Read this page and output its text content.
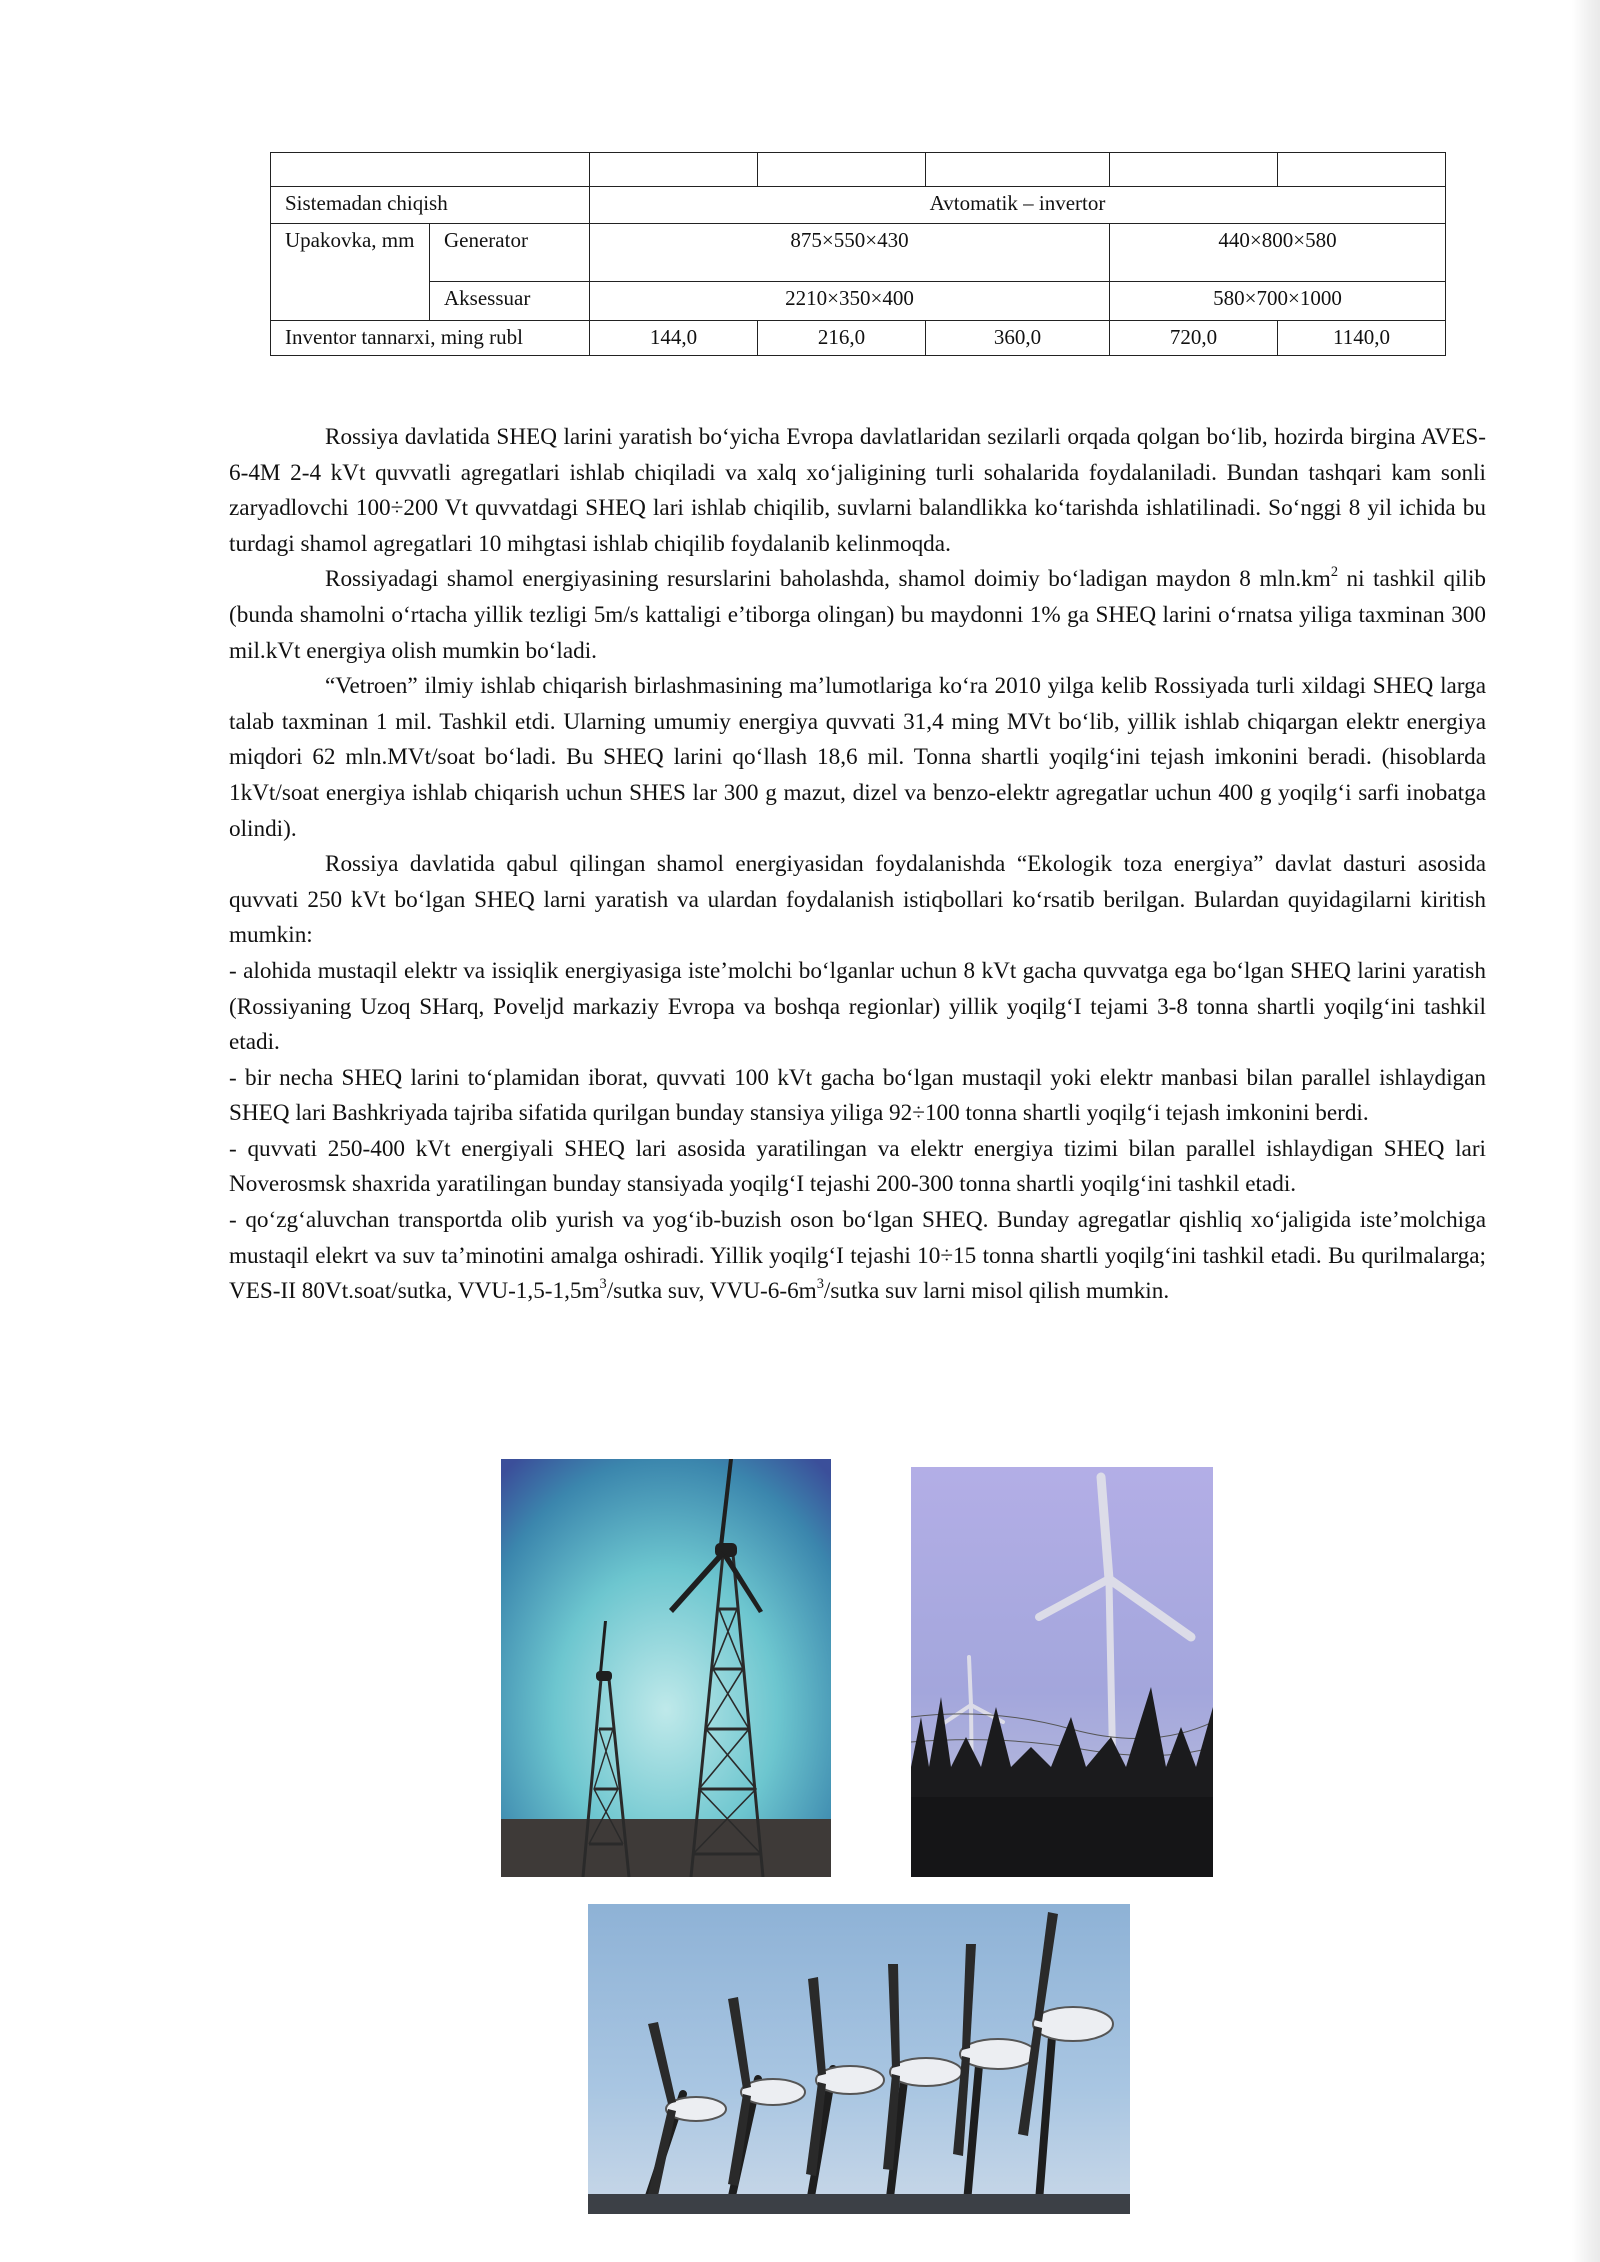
Sistemadan chiqish		Avtomatik – invertor				
Upakovka, mm	Generator	875×550×430			440×800×580	
	Aksessuar	2210×350×400			580×700×1000	
Inventor tannarxi, ming rubl		144,0	216,0	360,0	720,0	1140,0

Rossiya davlatida SHEQ larini yaratish bo‘yicha Evropa davlatlaridan sezilarli orqada qolgan bo‘lib, hozirda birgina AVES-6-4M 2-4 kVt quvvatli agregatlari ishlab chiqiladi va xalq xo‘jaligining turli sohalarida foydalaniladi. Bundan tashqari kam sonli zaryadlovchi 100÷200 Vt quvvatdagi SHEQ lari ishlab chiqilib, suvlarni balandlikka ko‘tarishda ishlatilinadi. So‘nggi 8 yil ichida bu turdagi shamol agregatlari 10 mihgtasi ishlab chiqilib foydalanib kelinmoqda.

Rossiyadagi shamol energiyasining resurslarini baholashda, shamol doimiy bo‘ladigan maydon 8 $mln.km^2$ ni tashkil qilib (bunda shamolni o‘rtacha yillik tezligi 5m/s kattaligi e’tiborga olingan) bu maydonni 1% ga SHEQ larini o‘rnatsa yiliga taxminan 300 mil.kVt energiya olish mumkin bo‘ladi.

“Vetroen” ilmiy ishlab chiqarish birlashmasining ma’lumotlariga ko‘ra 2010 yilga kelib Rossiyada turli xildagi SHEQ larga talab taxminan 1 mil. Tashkil etdi. Ularning umumiy energiya quvvati 31,4 ming MVt bo‘lib, yillik ishlab chiqargan elektr energiya miqdori 62 mln.MVt/soat bo‘ladi. Bu SHEQ larini qo‘llash 18,6 mil. Tonna shartli yoqilg‘ini tejash imkonini beradi. (hisoblarda 1kVt/soat energiya ishlab chiqarish uchun SHES lar 300 g mazut, dizel va benzo-elektr agregatlar uchun 400 g yoqilg‘i sarfi inobatga olindi).

Rossiya davlatida qabul qilingan shamol energiyasidan foydalanishda “Ekologik toza energiya” davlat dasturi asosida quvvati 250 kVt bo‘lgan SHEQ larni yaratish va ulardan foydalanish istiqbollari ko‘rsatib berilgan. Bulardan quyidagilarni kiritish mumkin:

- alohida mustaqil elektr va issiqlik energiyasiga iste’molchi bo‘lganlar uchun 8 kVt gacha quvvatga ega bo‘lgan SHEQ larini yaratish (Rossiyaning Uzoq SHarq, Poveljd markaziy Evropa va boshqa regionlar) yillik yoqilg‘I tejami 3-8 tonna shartli yoqilg‘ini tashkil etadi.

- bir necha SHEQ larini to‘plamidan iborat, quvvati 100 kVt gacha bo‘lgan mustaqil yoki elektr manbasi bilan parallel ishlaydigan SHEQ lari Bashkriyada tajriba sifatida qurilgan bunday stansiya yiliga 92÷100 tonna shartli yoqilg‘i tejash imkonini berdi.

- quvvati 250-400 kVt energiyali SHEQ lari asosida yaratilingan va elektr energiya tizimi bilan parallel ishlaydigan SHEQ lari Noverosmsk shaxrida yaratilingan bunday stansiyada yoqilg‘I tejashi 200-300 tonna shartli yoqilg‘ini tashkil etadi.

- qo‘zg‘aluvchan transportda olib yurish va yog‘ib-buzish oson bo‘lgan SHEQ. Bunday agregatlar qishliq xo‘jaligida iste’molchiga mustaqil elekrt va suv ta’minotini amalga oshiradi. Yillik yoqilg‘I tejashi 10÷15 tonna shartli yoqilg‘ini tashkil etadi. Bu qurilmalarga; VES-II 80Vt.soat/sutka, VVU-$1,5-1,5m^3$/sutka suv, VVU-$6-6m^3$/sutka suv larni misol qilish mumkin.
